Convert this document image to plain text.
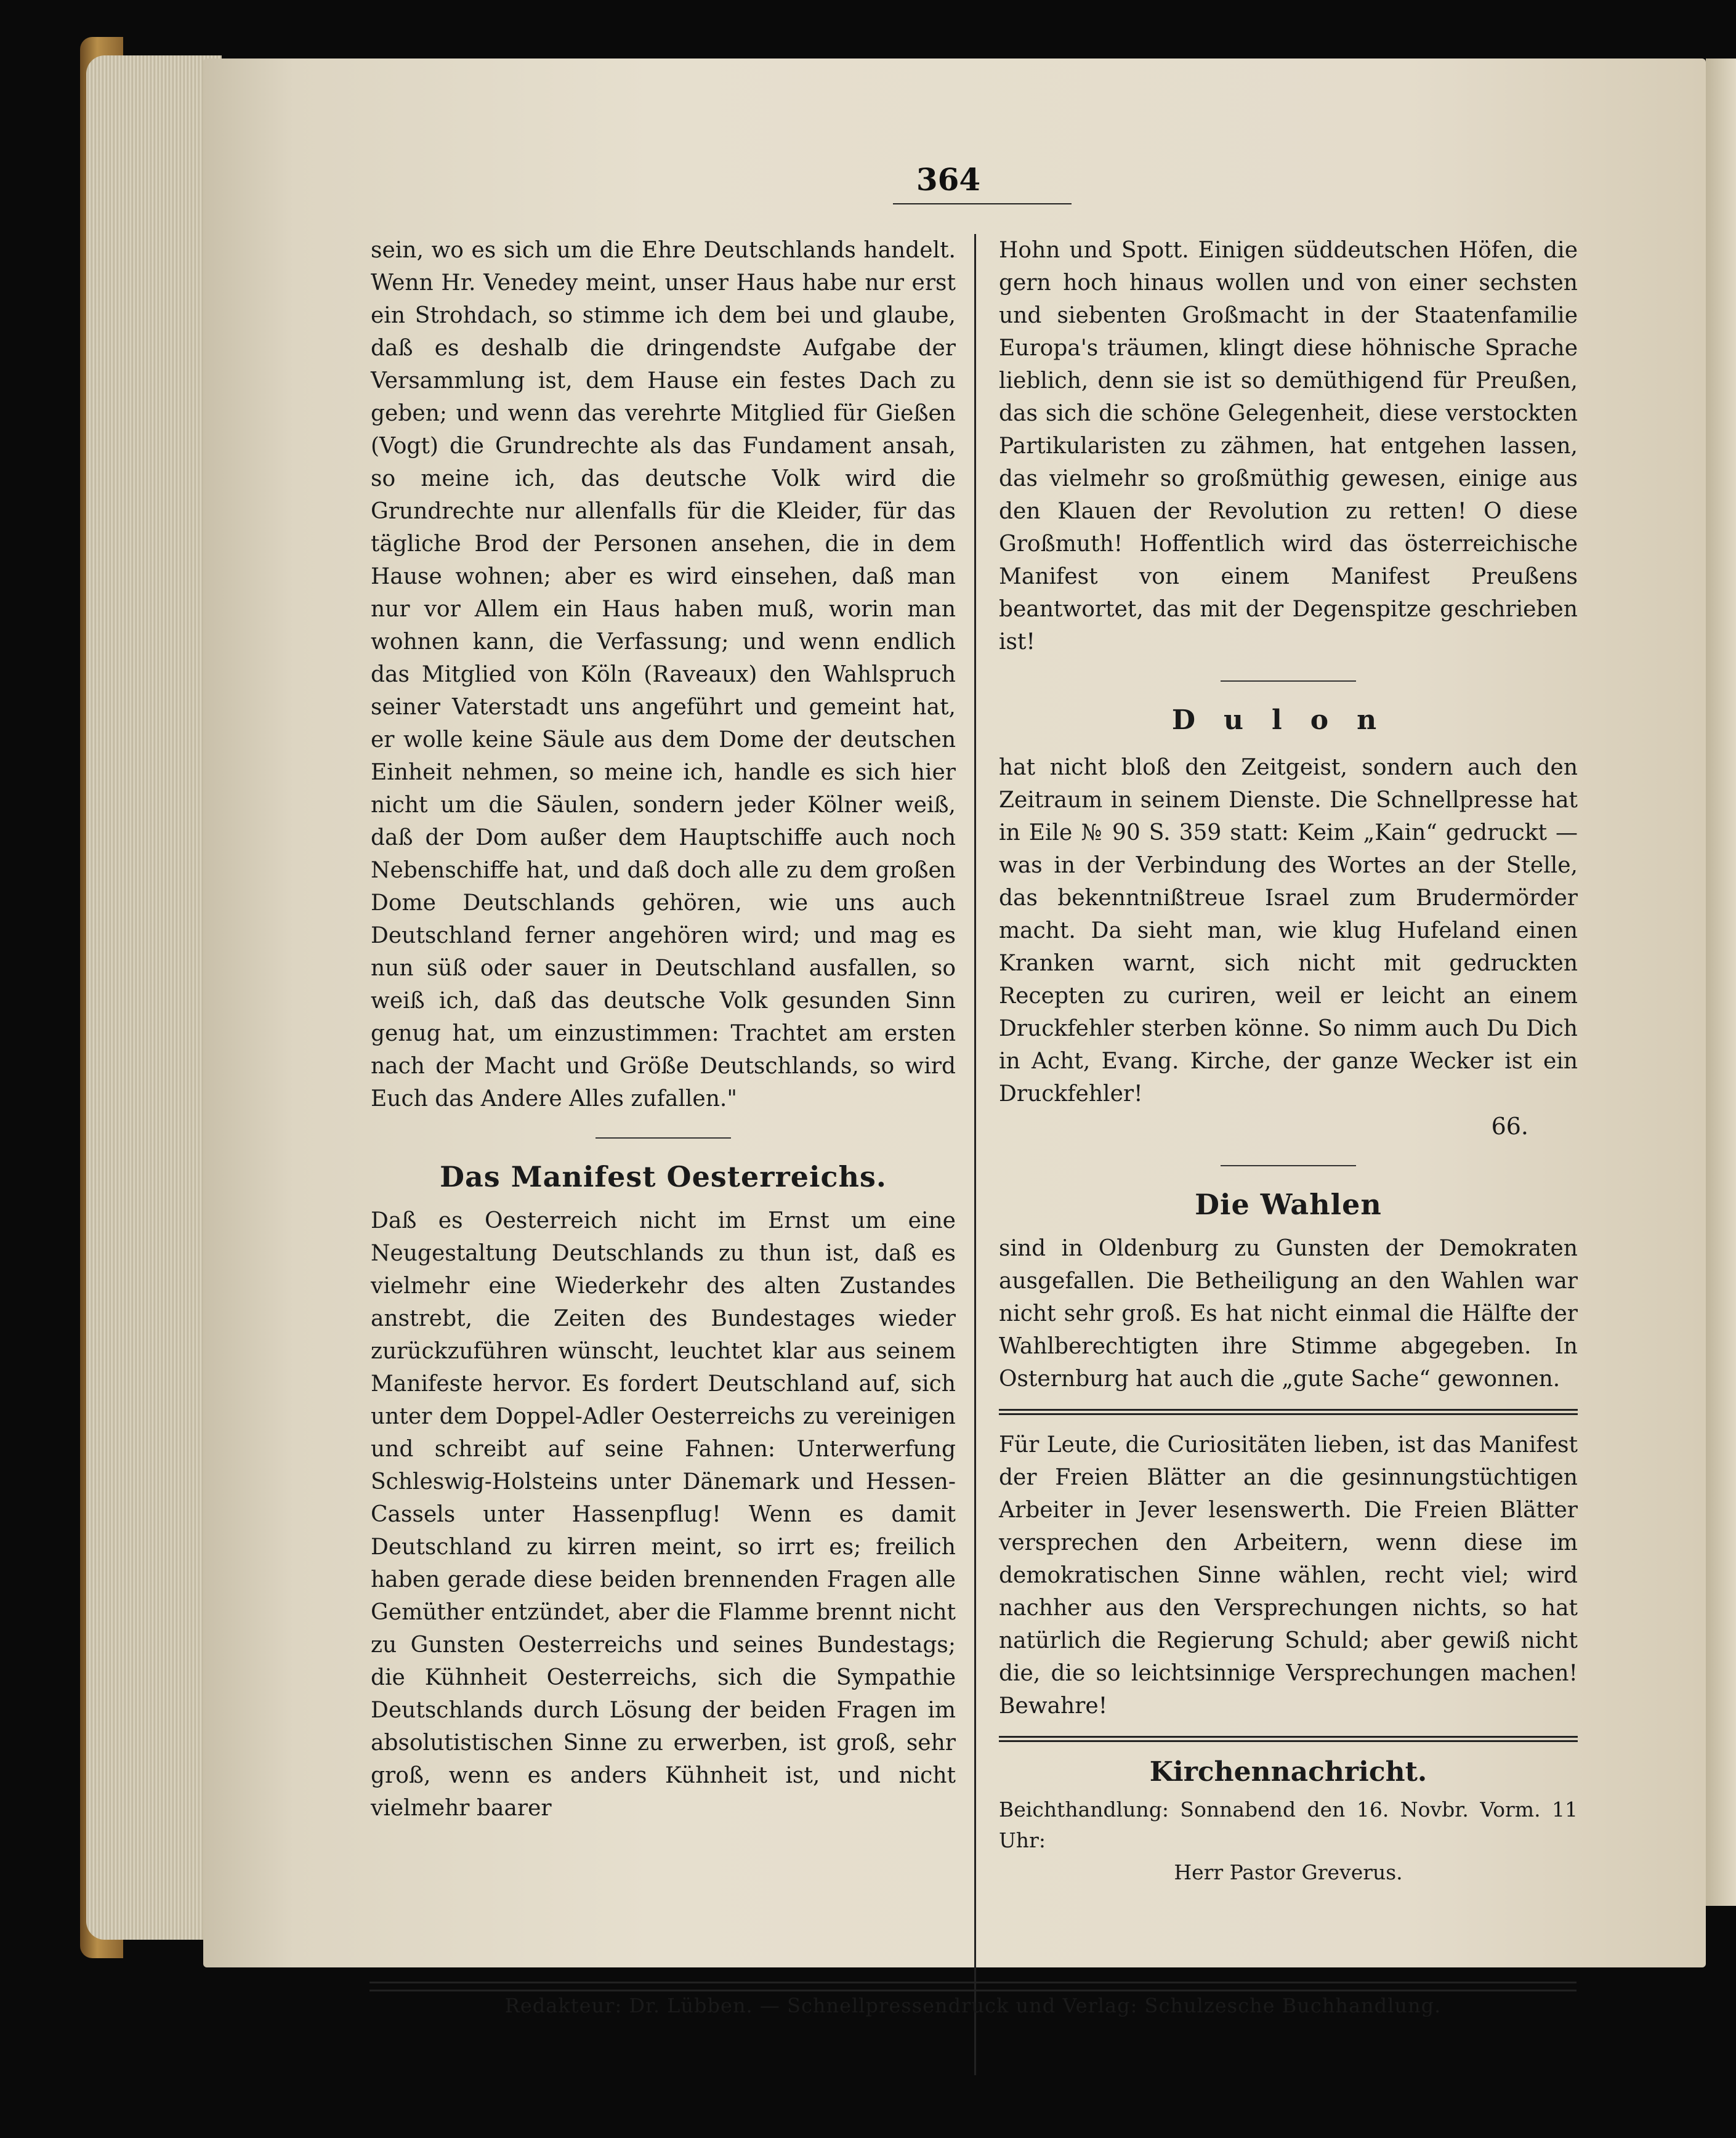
364

sein, wo es sich um die Ehre Deutschlands handelt. Wenn Hr. Venedey meint, unser Haus habe nur erst ein Strohdach, so stimme ich dem bei und glaube, daß es deshalb die dringendste Aufgabe der Versammlung ist, dem Hause ein festes Dach zu geben; und wenn das verehrte Mitglied für Gießen (Vogt) die Grundrechte als das Fundament ansah, so meine ich, das deutsche Volk wird die Grundrechte nur allenfalls für die Kleider, für das tägliche Brod der Personen ansehen, die in dem Hause wohnen; aber es wird einsehen, daß man nur vor Allem ein Haus haben muß, worin man wohnen kann, die Verfassung; und wenn endlich das Mitglied von Köln (Raveaux) den Wahlspruch seiner Vaterstadt uns angeführt und gemeint hat, er wolle keine Säule aus dem Dome der deutschen Einheit nehmen, so meine ich, handle es sich hier nicht um die Säulen, sondern jeder Kölner weiß, daß der Dom außer dem Hauptschiffe auch noch Nebenschiffe hat, und daß doch alle zu dem großen Dome Deutschlands gehören, wie uns auch Deutschland ferner angehören wird; und mag es nun süß oder sauer in Deutschland ausfallen, so weiß ich, daß das deutsche Volk gesunden Sinn genug hat, um einzustimmen: Trachtet am ersten nach der Macht und Größe Deutschlands, so wird Euch das Andere Alles zufallen."

Das Manifest Oesterreichs.

Daß es Oesterreich nicht im Ernst um eine Neugestaltung Deutschlands zu thun ist, daß es vielmehr eine Wiederkehr des alten Zustandes anstrebt, die Zeiten des Bundestages wieder zurückzuführen wünscht, leuchtet klar aus seinem Manifeste hervor. Es fordert Deutschland auf, sich unter dem Doppel-Adler Oesterreichs zu vereinigen und schreibt auf seine Fahnen: Unterwerfung Schleswig-Holsteins unter Dänemark und Hessen-Cassels unter Hassenpflug! Wenn es damit Deutschland zu kirren meint, so irrt es; freilich haben gerade diese beiden brennenden Fragen alle Gemüther entzündet, aber die Flamme brennt nicht zu Gunsten Oesterreichs und seines Bundestags; die Kühnheit Oesterreichs, sich die Sympathie Deutschlands durch Lösung der beiden Fragen im absolutistischen Sinne zu erwerben, ist groß, sehr groß, wenn es anders Kühnheit ist, und nicht vielmehr baarer

Hohn und Spott. Einigen süddeutschen Höfen, die gern hoch hinaus wollen und von einer sechsten und siebenten Großmacht in der Staatenfamilie Europa's träumen, klingt diese höhnische Sprache lieblich, denn sie ist so demüthigend für Preußen, das sich die schöne Gelegenheit, diese verstockten Partikularisten zu zähmen, hat entgehen lassen, das vielmehr so großmüthig gewesen, einige aus den Klauen der Revolution zu retten! O diese Großmuth! Hoffentlich wird das österreichische Manifest von einem Manifest Preußens beantwortet, das mit der Degenspitze geschrieben ist!

Dulon

hat nicht bloß den Zeitgeist, sondern auch den Zeitraum in seinem Dienste. Die Schnellpresse hat in Eile № 90 S. 359 statt: Keim „Kain“ gedruckt — was in der Verbindung des Wortes an der Stelle, das bekenntnißtreue Israel zum Brudermörder macht. Da sieht man, wie klug Hufeland einen Kranken warnt, sich nicht mit gedruckten Recepten zu curiren, weil er leicht an einem Druckfehler sterben könne. So nimm auch Du Dich in Acht, Evang. Kirche, der ganze Wecker ist ein Druckfehler!

66.
Die Wahlen

sind in Oldenburg zu Gunsten der Demokraten ausgefallen. Die Betheiligung an den Wahlen war nicht sehr groß. Es hat nicht einmal die Hälfte der Wahlberechtigten ihre Stimme abgegeben. In Osternburg hat auch die „gute Sache“ gewonnen.

Für Leute, die Curiositäten lieben, ist das Manifest der Freien Blätter an die gesinnungstüchtigen Arbeiter in Jever lesenswerth. Die Freien Blätter versprechen den Arbeitern, wenn diese im demokratischen Sinne wählen, recht viel; wird nachher aus den Versprechungen nichts, so hat natürlich die Regierung Schuld; aber gewiß nicht die, die so leichtsinnige Versprechungen machen! Bewahre!

Kirchennachricht.
Beichthandlung: Sonnabend den 16. Novbr. Vorm. 11 Uhr:
Herr Pastor Greverus.
Redakteur: Dr. Lübben. — Schnellpressendruck und Verlag: Schulzesche Buchhandlung.
